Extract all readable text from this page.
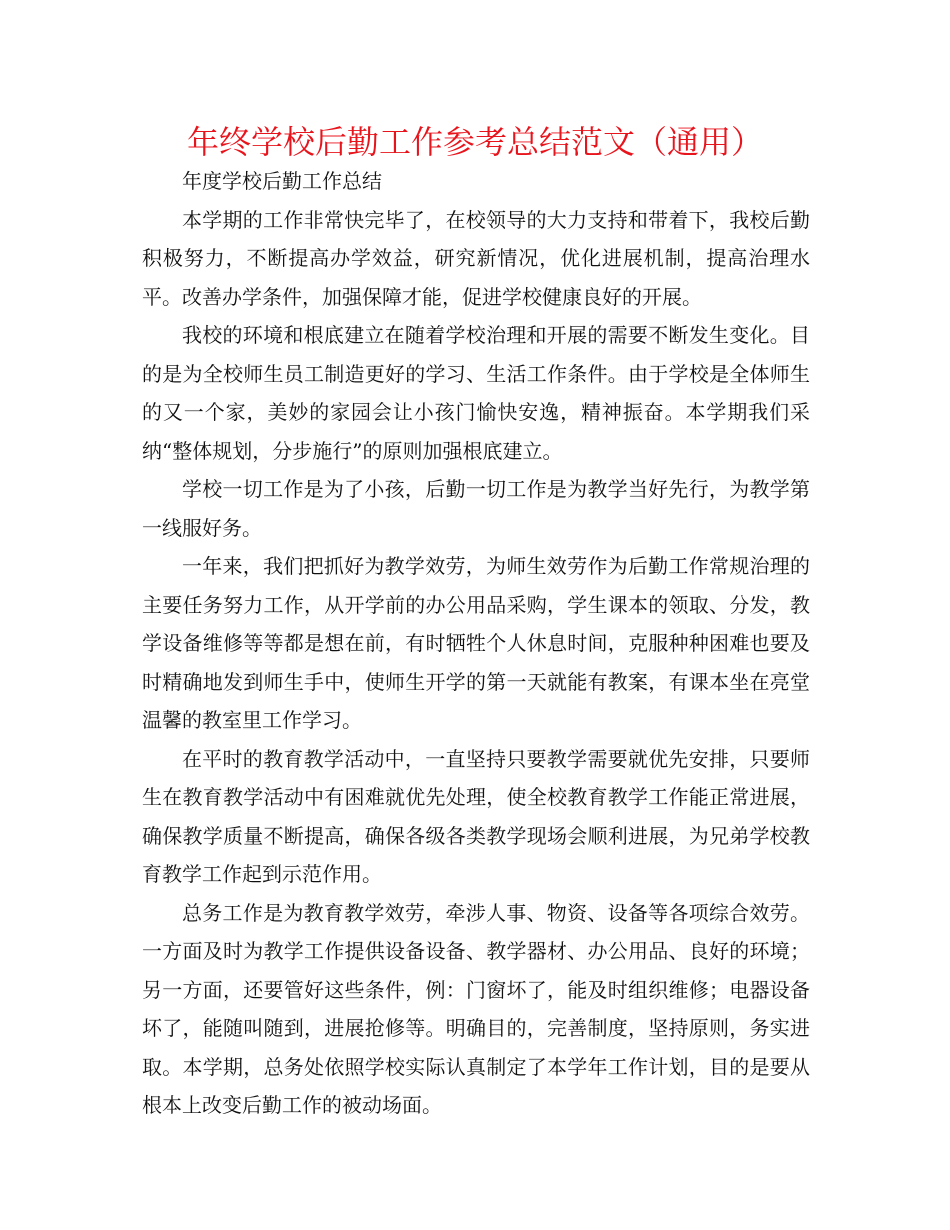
年终学校后勤工作参考总结范文（通用）

年度学校后勤工作总结

本学期的工作非常快完毕了，在校领导的大力支持和带着下，我校后勤积极努力，不断提高办学效益，研究新情况，优化进展机制，提高治理水平。改善办学条件，加强保障才能，促进学校健康良好的开展。

我校的环境和根底建立在随着学校治理和开展的需要不断发生变化。目的是为全校师生员工制造更好的学习、生活工作条件。由于学校是全体师生的又一个家，美妙的家园会让小孩门愉快安逸，精神振奋。本学期我们采纳“整体规划，分步施行”的原则加强根底建立。

学校一切工作是为了小孩，后勤一切工作是为教学当好先行，为教学第一线服好务。

一年来，我们把抓好为教学效劳，为师生效劳作为后勤工作常规治理的主要任务努力工作，从开学前的办公用品采购，学生课本的领取、分发，教学设备维修等等都是想在前，有时牺牲个人休息时间，克服种种困难也要及时精确地发到师生手中，使师生开学的第一天就能有教案，有课本坐在亮堂温馨的教室里工作学习。

在平时的教育教学活动中，一直坚持只要教学需要就优先安排，只要师生在教育教学活动中有困难就优先处理，使全校教育教学工作能正常进展，确保教学质量不断提高，确保各级各类教学现场会顺利进展，为兄弟学校教育教学工作起到示范作用。

总务工作是为教育教学效劳，牵涉人事、物资、设备等各项综合效劳。一方面及时为教学工作提供设备设备、教学器材、办公用品、良好的环境；另一方面，还要管好这些条件，例：门窗坏了，能及时组织维修；电器设备坏了，能随叫随到，进展抢修等。明确目的，完善制度，坚持原则，务实进取。本学期，总务处依照学校实际认真制定了本学年工作计划，目的是要从根本上改变后勤工作的被动场面。
